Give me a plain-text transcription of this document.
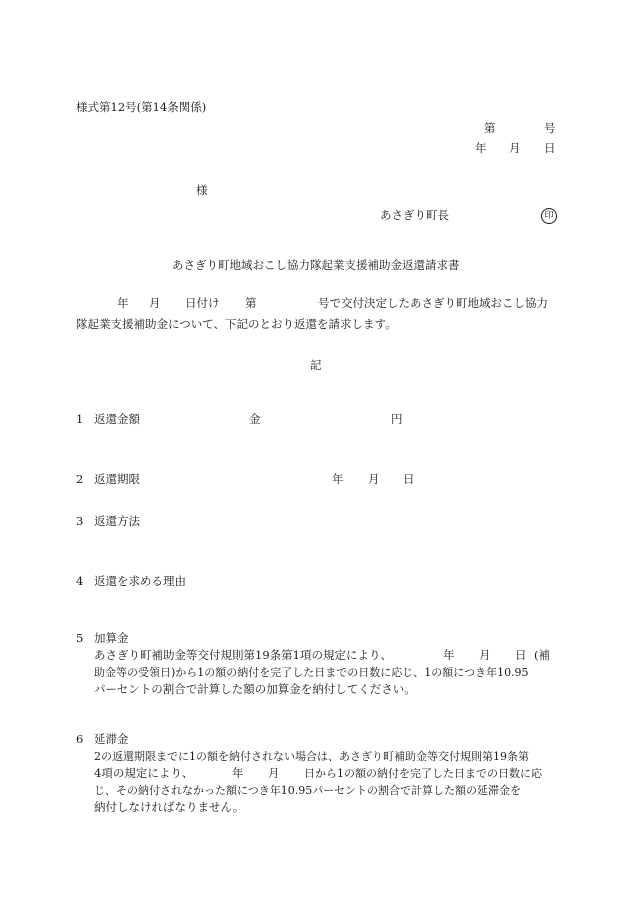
様式第12号(第14条関係)
第	号
年 月 日
様
あさぎり町長	印
あさぎり町地域おこし協力隊起業支援補助金返還請求書
年 月 日付け 第	号で交付決定したあさぎり町地域おこし協力
隊起業支援補助金について、下記のとおり返還を請求します。
記
1 返還金額	金	円
2 返還期限	年 月 日
3 返還方法
4 返還を求める理由
5 加算金
あさぎり町補助金等交付規則第19条第1項の規定により、	年 月 日 (補
助金等の受領日)から1の額の納付を完了した日までの日数に応じ、1の額につき年10.95
パーセントの割合で計算した額の加算金を納付してください。
6 延滞金
2の返還期限までに1の額を納付されない場合は、あさぎり町補助金等交付規則第19条第
4項の規定により、	年 月 日から1の額の納付を完了した日までの日数に応
じ、その納付されなかった額につき年10.95パーセントの割合で計算した額の延滞金を
納付しなければなりません。
